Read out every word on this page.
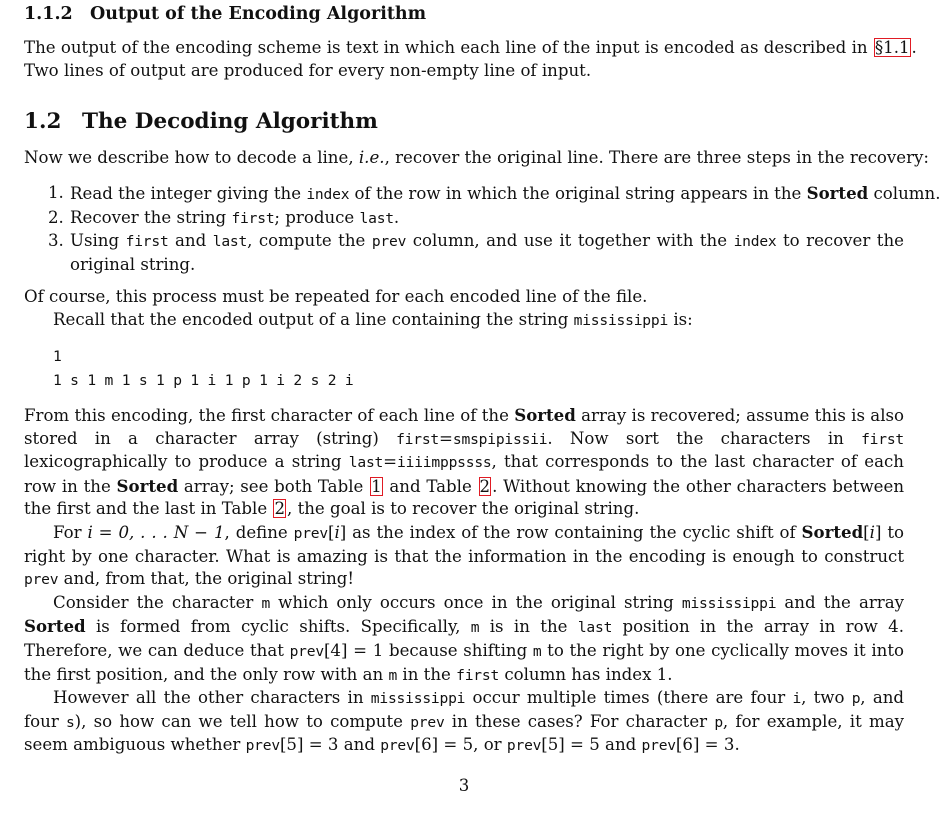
1.1.2 Output of the Encoding Algorithm
The output of the encoding scheme is text in which each line of the input is encoded as described in §1.1 .
Two lines of output are produced for every non-empty line of input.
1.2 The Decoding Algorithm
Now we describe how to decode a line, i.e., recover the original line. There are three steps in the recovery:
1. Read the integer giving the index of the row in which the original string appears in the Sorted column.
2. Recover the string first; produce last.
3. Using first and last, compute the prev column, and use it together with the index to recover the original string.
Of course, this process must be repeated for each encoded line of the file.
Recall that the encoded output of a line containing the string mississippi is:
1
1 s 1 m 1 s 1 p 1 i 1 p 1 i 2 s 2 i
From this encoding, the first character of each line of the Sorted array is recovered; assume this is also stored in a character array (string) first=smspipissii. Now sort the characters in first lexicographically to produce a string last=iiiimppssss, that corresponds to the last character of each row in the Sorted array; see both Table 1 and Table 2 . Without knowing the other characters between the first and the last in Table 2 , the goal is to recover the original string.
For i = 0, . . . N − 1, define prev[i] as the index of the row containing the cyclic shift of Sorted[i] to right by one character. What is amazing is that the information in the encoding is enough to construct prev and, from that, the original string!
Consider the character m which only occurs once in the original string mississippi and the array Sorted is formed from cyclic shifts. Specifically, m is in the last position in the array in row 4. Therefore, we can deduce that prev[4] = 1 because shifting m to the right by one cyclically moves it into the first position, and the only row with an m in the first column has index 1.
However all the other characters in mississippi occur multiple times (there are four i, two p, and four s), so how can we tell how to compute prev in these cases? For character p, for example, it may seem ambiguous whether prev[5] = 3 and prev[6] = 5, or prev[5] = 5 and prev[6] = 3.
3
